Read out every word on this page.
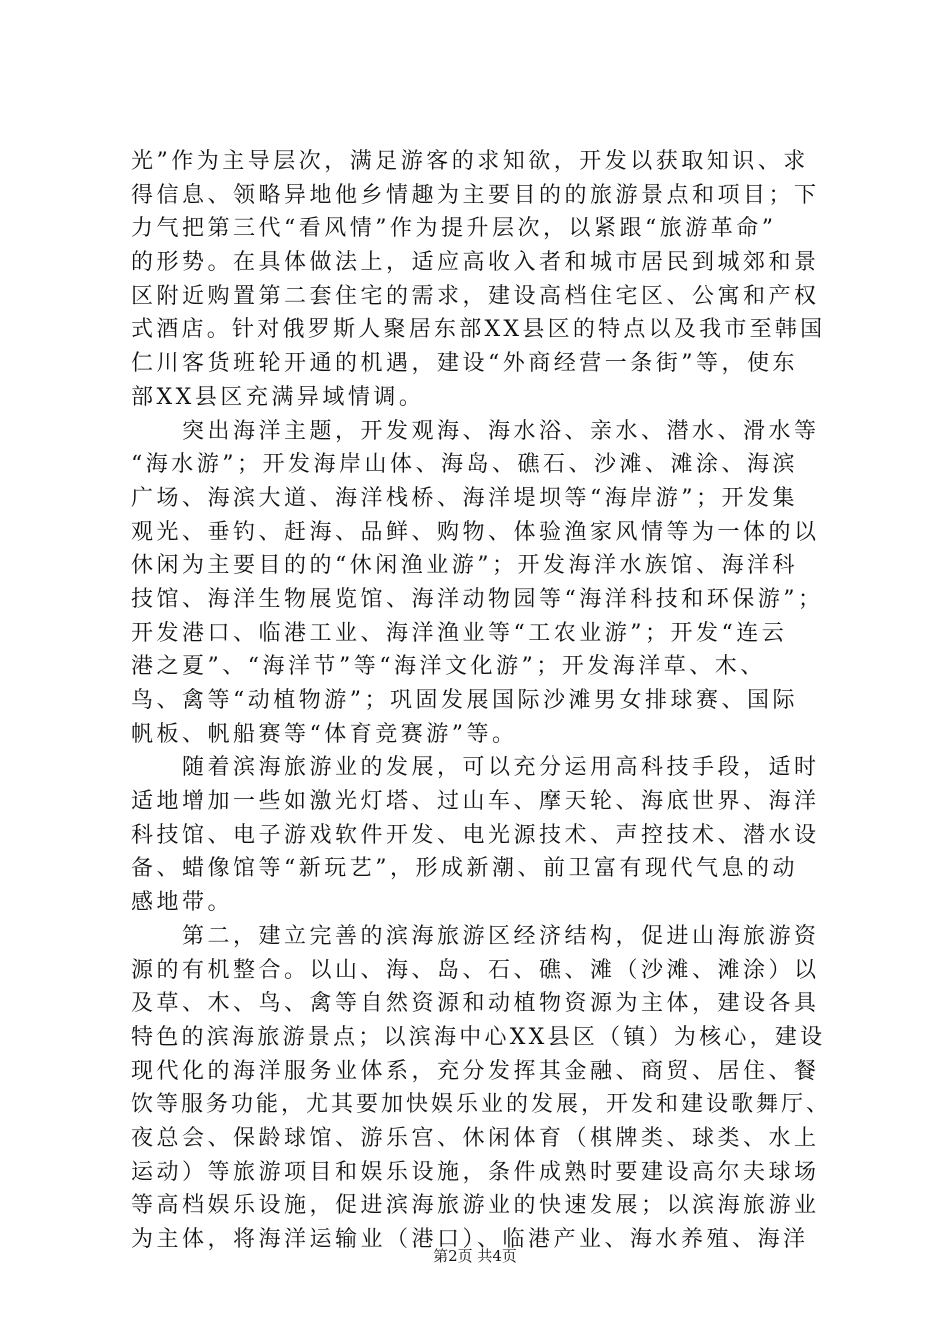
光”作为主导层次，满足游客的求知欲，开发以获取知识、求
得信息、领略异地他乡情趣为主要目的的旅游景点和项目；下
力气把第三代“看风情”作为提升层次，以紧跟“旅游革命”
的形势。在具体做法上，适应高收入者和城市居民到城郊和景
区附近购置第二套住宅的需求，建设高档住宅区、公寓和产权
式酒店。针对俄罗斯人聚居东部XX县区的特点以及我市至韩国
仁川客货班轮开通的机遇，建设“外商经营一条街”等，使东
部XX县区充满异域情调。
　　突出海洋主题，开发观海、海水浴、亲水、潜水、滑水等
“海水游”；开发海岸山体、海岛、礁石、沙滩、滩涂、海滨
广场、海滨大道、海洋栈桥、海洋堤坝等“海岸游”；开发集
观光、垂钓、赶海、品鲜、购物、体验渔家风情等为一体的以
休闲为主要目的的“休闲渔业游”；开发海洋水族馆、海洋科
技馆、海洋生物展览馆、海洋动物园等“海洋科技和环保游”；
开发港口、临港工业、海洋渔业等“工农业游”；开发“连云
港之夏”、“海洋节”等“海洋文化游”；开发海洋草、木、
鸟、禽等“动植物游”；巩固发展国际沙滩男女排球赛、国际
帆板、帆船赛等“体育竞赛游”等。
　　随着滨海旅游业的发展，可以充分运用高科技手段，适时
适地增加一些如激光灯塔、过山车、摩天轮、海底世界、海洋
科技馆、电子游戏软件开发、电光源技术、声控技术、潜水设
备、蜡像馆等“新玩艺”，形成新潮、前卫富有现代气息的动
感地带。
　　第二，建立完善的滨海旅游区经济结构，促进山海旅游资
源的有机整合。以山、海、岛、石、礁、滩（沙滩、滩涂）以
及草、木、鸟、禽等自然资源和动植物资源为主体，建设各具
特色的滨海旅游景点；以滨海中心XX县区（镇）为核心，建设
现代化的海洋服务业体系，充分发挥其金融、商贸、居住、餐
饮等服务功能，尤其要加快娱乐业的发展，开发和建设歌舞厅、
夜总会、保龄球馆、游乐宫、休闲体育（棋牌类、球类、水上
运动）等旅游项目和娱乐设施，条件成熟时要建设高尔夫球场
等高档娱乐设施，促进滨海旅游业的快速发展；以滨海旅游业
为主体，将海洋运输业（港口）、临港产业、海水养殖、海洋
第2页 共4页
